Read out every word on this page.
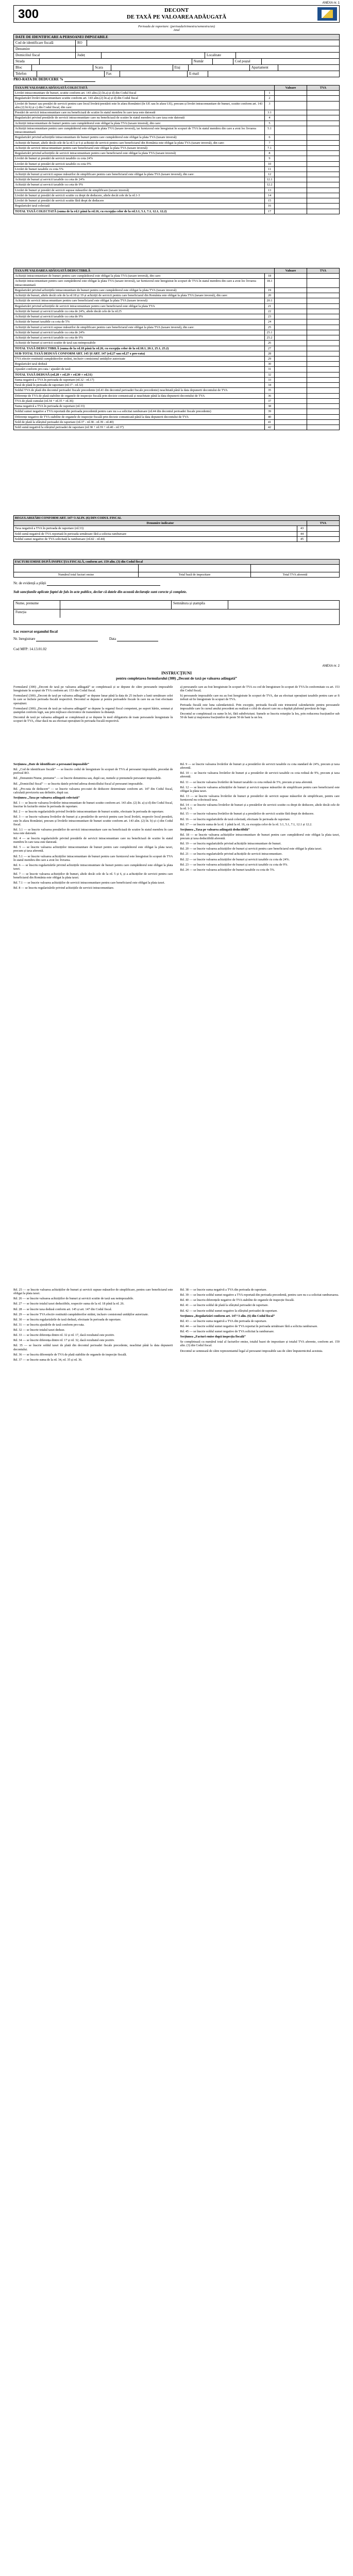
ANEXA nr. 1
300	DECONT
DE TAXĂ PE VALOAREA ADĂUGATĂ
Perioada de raportare: (perioada/trimestru/semestru/an)
Anul
DATE DE IDENTIFICARE A PERSOANEI IMPOZABILE
Cod de identificare fiscală	RO
Denumire
Domiciliul fiscal	Județ	Localitate
Strada	Număr	Cod poștal
Bloc	Scara	Etaj	Apartament
Telefon	Fax	E-mail
PRO-RATA DE DEDUCERE %
TAXA PE VALOAREA ADĂUGATĂ COLECTATĂ		Valoare	TVA
Livrări intracomunitare de bunuri, scutite conform art. 143 alin.(2) lit.a) și d) din Codul fiscal	1		
Regularizări livrări intracomunitare scutite conform art. 143 alin.(2) lit.a) și d) din Codul fiscal	2		
Livrări de bunuri sau prestări de servicii pentru care locul livrării/prestării este în afara României (în UE sau în afara UE), precum și livrări intracomunitare de bunuri, scutite conform art. 143 alin.(2) lit.b) și c) din Codul fiscal, din care:	3		
Prestări de servicii intracomunitare care nu beneficiază de scutire în statul membru în care taxa este datorată	3.1		
Regularizări privind prestările de servicii intracomunitare care nu beneficiază de scutire în statul membru în care taxa este datorată	4		
Achiziții intracomunitare de bunuri pentru care cumpărătorul este obligat la plata TVA (taxare inversă), din care:	5		
Achiziții intracomunitare pentru care cumpărătorul este obligat la plata TVA (taxare inversă), iar furnizorul este înregistrat în scopuri de TVA în statul membru din care a avut loc livrarea intracomunitară	5.1		
Regularizări privind achizițiile intracomunitare de bunuri pentru care cumpărătorul este obligat la plata TVA (taxare inversă)	6		
Achiziții de bunuri, altele decât cele de la rd.5 și 6 și achiziții de servicii pentru care beneficiarul din România este obligat la plata TVA (taxare inversă), din care:	7		
Achiziții de servicii intracomunitare pentru care beneficiarul este obligat la plata TVA (taxare inversă)	7.1		
Regularizări privind achizițiile de servicii intracomunitare pentru care beneficiarul este obligat la plata TVA (taxare inversă)	8		
Livrări de bunuri și prestări de servicii taxabile cu cota 24%	9		
Livrări de bunuri și prestări de servicii taxabile cu cota 9%	10		
Livrări de bunuri taxabile cu cota 5%	11		
Achiziții de bunuri și servicii supuse măsurilor de simplificare pentru care beneficiarul este obligat la plata TVA (taxare inversă), din care:	12		
Achiziții de bunuri și servicii taxabile cu cota de 24%	12.1		
Achiziții de bunuri și servicii taxabile cu cota de 9%	12.2		
Livrări de bunuri și prestări de servicii supuse măsurilor de simplificare (taxare inversă)	13		
Livrări de bunuri și prestări de servicii scutite cu drept de deducere, altele decât cele de la rd.1-3	14		
Livrări de bunuri și prestări de servicii scutite fără drept de deducere	15		
Regularizări taxă colectată	16		
TOTAL TAXĂ COLECTATĂ (suma de la rd.1 până la rd.16, cu excepția celor de la rd.3.1, 5.1, 7.1, 12.1, 12.2)	17		
TAXA PE VALOAREA ADĂUGATĂ DEDUCTIBILĂ		Valoare	TVA
Achiziții intracomunitare de bunuri pentru care cumpărătorul este obligat la plata TVA (taxare inversă), din care:	18		
Achiziții intracomunitare pentru care cumpărătorul este obligat la plata TVA (taxare inversă), iar furnizorul este înregistrat în scopuri de TVA în statul membru din care a avut loc livrarea intracomunitară	18.1		
Regularizări privind achizițiile intracomunitare de bunuri pentru care cumpărătorul este obligat la plata TVA (taxare inversă)	19		
Achiziții de bunuri, altele decât cele de la rd.18 și 19 și achiziții de servicii pentru care beneficiarul din România este obligat la plata TVA (taxare inversă), din care:	20		
Achiziții de servicii intracomunitare pentru care beneficiarul este obligat la plata TVA (taxare inversă)	20.1		
Regularizări privind achizițiile de servicii intracomunitare pentru care beneficiarul este obligat la plata TVA	21		
Achiziții de bunuri și servicii taxabile cu cota de 24%, altele decât cele de la rd.25	22		
Achiziții de bunuri și servicii taxabile cu cota de 9%	23		
Achiziții de bunuri taxabile cu cota de 5%	24		
Achiziții de bunuri și servicii supuse măsurilor de simplificare pentru care beneficiarul este obligat la plata TVA (taxare inversă), din care:	25		
Achiziții de bunuri și servicii taxabile cu cota de 24%	25.1		
Achiziții de bunuri și servicii taxabile cu cota de 9%	25.2		
Achiziții de bunuri și servicii scutite de taxă sau neimpozabile	26		
TOTAL TAXĂ DEDUCTIBILĂ (suma de la rd.18 până la rd.26, cu excepția celor de la rd.18.1, 20.1, 25.1, 25.2)	27		
SUB-TOTAL TAXĂ DEDUSĂ CONFORM ART. 145 ȘI ART. 147 (rd.27 sau rd.27 x pro-rata)	28		
TVA efectiv restituită cumpărătorilor străini, inclusiv comisionul unităților autorizate	29		
Regularizări taxă dedusă	30		
Ajustări conform pro-rata / ajustări de taxă	31		
TOTAL TAXĂ DEDUSĂ (rd.28 + rd.29 + rd.30 + rd.31)	32		
Suma negativă a TVA în perioada de raportare (rd.32 - rd.17)	33		
Taxă de plată în perioada de raportare (rd.17 - rd.32)	34		
Soldul TVA de plată din decontul perioadei fiscale precedente (rd.41 din decontul perioadei fiscale precedente) neachitată până la data depunerii decontului de TVA	35		
Diferențe de TVA de plată stabilite de organele de inspecție fiscală prin decizie comunicată și neachitate până la data depunerii decontului de TVA	36		
TVA de plată cumulat (rd.34 + rd.35 + rd.36)	37		
Suma negativă a TVA în perioada de raportare (rd.33)	38		
Soldul sumei negative a TVA reportată din perioada precedentă pentru care nu s-a solicitat rambursare (rd.44 din decontul perioadei fiscale precedente)	39		
Diferențe negative de TVA stabilite de organele de inspecție fiscală prin decizie comunicată până la data depunerii decontului de TVA	40		
Sold de plată la sfârșitul perioadei de raportare (rd.37 - rd.38 - rd.39 - rd.40)	41		
Sold sumă negativă la sfârșitul perioadei de raportare (rd.38 + rd.39 + rd.40 - rd.37)	42		
REGULARIZĂRI CONFORM ART. 147^3 ALIN. (6) DIN CODUL FISCAL		
Denumire indicator		TVA
Taxa negativă a TVA în perioada de raportare (rd.33)	43	
Sold sumă negativă de TVA reportată în perioada următoare fără a solicita rambursare	44	
Soldul sumei negative de TVA solicitată la rambursare (rd.42 - rd.44)	45	
FACTURI EMISE DUPĂ INSPECȚIA FISCALĂ, conform art. 159 alin. (3) din Codul fiscal		

Numărul total facturi emise	Total bază de impozitare	Total TVA aferentă
Nr. de evidență a plății
Sub sancțiunile aplicate faptei de fals în acte publice, declar că datele din această declarație sunt corecte și complete.
Nume, prenume	Semnătura și ștampila
Funcția
Loc rezervat organului fiscal
Nr. înregistrare	Data
Cod MFP: 14.13.01.02
ANEXA nr. 2
INSTRUCȚIUNI
pentru completarea formularului (300) „Decont de taxă pe valoarea adăugată”

Formularul (300) „Decont de taxă pe valoarea adăugată” se completează și se depune de către persoanele impozabile înregistrate în scopuri de TVA conform art. 153 din Codul fiscal.

Formularul (300) „Decont de taxă pe valoarea adăugată” se depune lunar până la data de 25 inclusiv a lunii următoare celei în care se încheie perioada fiscală respectivă. Decontul se depune și pentru perioadele fiscale în care nu au fost efectuate operațiuni.

Formularul (300) „Decont de taxă pe valoarea adăugată” se depune la organul fiscal competent, pe suport hârtie, semnat și ștampilat conform legii, sau prin mijloace electronice de transmitere la distanță.

Decontul de taxă pe valoarea adăugată se completează și se depune în mod obligatoriu de toate persoanele înregistrate în scopuri de TVA, chiar dacă nu au efectuat operațiuni în perioada fiscală respectivă.

a) persoanele care au fost înregistrate în scopuri de TVA cu cod de înregistrare în scopuri de TVA în conformitate cu art. 153 din Codul fiscal;

b) persoanele impozabile care nu au fost înregistrate în scopuri de TVA, dar au efectuat operațiuni taxabile pentru care ar fi trebuit să fie înregistrate în scopuri de TVA.

Perioada fiscală este luna calendaristică. Prin excepție, perioada fiscală este trimestrul calendaristic pentru persoanele impozabile care în cursul anului precedent au realizat o cifră de afaceri care nu a depășit plafonul prevăzut de lege.

Decontul se completează cu sume în lei, fără subdiviziuni. Sumele se înscriu rotunjite la leu, prin reducerea fracțiunilor sub 50 de bani și majorarea fracțiunilor de peste 50 de bani la un leu.

Secțiunea „Date de identificare a persoanei impozabile”

Rd. „Cod de identificare fiscală” — se înscrie codul de înregistrare în scopuri de TVA al persoanei impozabile, precedat de prefixul RO.

Rd. „Denumire/Nume, prenume” — se înscrie denumirea sau, după caz, numele și prenumele persoanei impozabile.

Rd. „Domiciliul fiscal” — se înscriu datele privind adresa domiciliului fiscal al persoanei impozabile.

Rd. „Pro-rata de deducere” — se înscrie valoarea pro-ratei de deducere determinate conform art. 147 din Codul fiscal, calculată provizoriu sau definitiv, după caz.

Secțiunea „Taxa pe valoarea adăugată colectată”

Rd. 1 — se înscrie valoarea livrărilor intracomunitare de bunuri scutite conform art. 143 alin. (2) lit. a) și d) din Codul fiscal, înscrise în facturile emise în perioada de raportare.

Rd. 2 — se înscriu regularizările privind livrările intracomunitare de bunuri scutite, efectuate în perioada de raportare.

Rd. 3 — se înscrie valoarea livrărilor de bunuri și a prestărilor de servicii pentru care locul livrării, respectiv locul prestării, este în afara României, precum și livrările intracomunitare de bunuri scutite conform art. 143 alin. (2) lit. b) și c) din Codul fiscal.

Rd. 3.1 — se înscrie valoarea prestărilor de servicii intracomunitare care nu beneficiază de scutire în statul membru în care taxa este datorată.

Rd. 4 — se înscriu regularizările privind prestările de servicii intracomunitare care nu beneficiază de scutire în statul membru în care taxa este datorată.

Rd. 5 — se înscrie valoarea achizițiilor intracomunitare de bunuri pentru care cumpărătorul este obligat la plata taxei, precum și taxa aferentă.

Rd. 5.1 — se înscrie valoarea achizițiilor intracomunitare de bunuri pentru care furnizorul este înregistrat în scopuri de TVA în statul membru din care a avut loc livrarea.

Rd. 6 — se înscriu regularizările privind achizițiile intracomunitare de bunuri pentru care cumpărătorul este obligat la plata taxei.

Rd. 7 — se înscrie valoarea achizițiilor de bunuri, altele decât cele de la rd. 5 și 6, și a achizițiilor de servicii pentru care beneficiarul din România este obligat la plata taxei.

Rd. 7.1 — se înscrie valoarea achizițiilor de servicii intracomunitare pentru care beneficiarul este obligat la plata taxei.

Rd. 8 — se înscriu regularizările privind achizițiile de servicii intracomunitare.

Rd. 9 — se înscrie valoarea livrărilor de bunuri și a prestărilor de servicii taxabile cu cota standard de 24%, precum și taxa aferentă.

Rd. 10 — se înscrie valoarea livrărilor de bunuri și a prestărilor de servicii taxabile cu cota redusă de 9%, precum și taxa aferentă.

Rd. 11 — se înscrie valoarea livrărilor de bunuri taxabile cu cota redusă de 5%, precum și taxa aferentă.

Rd. 12 — se înscrie valoarea achizițiilor de bunuri și servicii supuse măsurilor de simplificare pentru care beneficiarul este obligat la plata taxei.

Rd. 13 — se înscrie valoarea livrărilor de bunuri și prestărilor de servicii supuse măsurilor de simplificare, pentru care furnizorul nu colectează taxa.

Rd. 14 — se înscrie valoarea livrărilor de bunuri și a prestărilor de servicii scutite cu drept de deducere, altele decât cele de la rd. 1-3.

Rd. 15 — se înscrie valoarea livrărilor de bunuri și a prestărilor de servicii scutite fără drept de deducere.

Rd. 16 — se înscriu regularizările de taxă colectată, efectuate în perioada de raportare.

Rd. 17 — se înscrie suma de la rd. 1 până la rd. 16, cu excepția celor de la rd. 3.1, 5.1, 7.1, 12.1 și 12.2.

Secțiunea „Taxa pe valoarea adăugată deductibilă”

Rd. 18 — se înscrie valoarea achizițiilor intracomunitare de bunuri pentru care cumpărătorul este obligat la plata taxei, precum și taxa deductibilă aferentă.

Rd. 19 — se înscriu regularizările privind achizițiile intracomunitare de bunuri.

Rd. 20 — se înscrie valoarea achizițiilor de bunuri și servicii pentru care beneficiarul este obligat la plata taxei.

Rd. 21 — se înscriu regularizările privind achizițiile de servicii intracomunitare.

Rd. 22 — se înscrie valoarea achizițiilor de bunuri și servicii taxabile cu cota de 24%.

Rd. 23 — se înscrie valoarea achizițiilor de bunuri și servicii taxabile cu cota de 9%.

Rd. 24 — se înscrie valoarea achizițiilor de bunuri taxabile cu cota de 5%.

Rd. 25 — se înscrie valoarea achizițiilor de bunuri și servicii supuse măsurilor de simplificare, pentru care beneficiarul este obligat la plata taxei.

Rd. 26 — se înscrie valoarea achizițiilor de bunuri și servicii scutite de taxă sau neimpozabile.

Rd. 27 — se înscrie totalul taxei deductibile, respectiv suma de la rd. 18 până la rd. 26.

Rd. 28 — se înscrie taxa dedusă conform art. 145 și art. 147 din Codul fiscal.

Rd. 29 — se înscrie TVA efectiv restituită cumpărătorilor străini, inclusiv comisionul unităților autorizate.

Rd. 30 — se înscriu regularizările de taxă dedusă, efectuate în perioada de raportare.

Rd. 31 — se înscriu ajustările de taxă conform pro-rata.

Rd. 32 — se înscrie totalul taxei deduse.

Rd. 33 — se înscrie diferența dintre rd. 32 și rd. 17, dacă rezultatul este pozitiv.

Rd. 34 — se înscrie diferența dintre rd. 17 și rd. 32, dacă rezultatul este pozitiv.

Rd. 35 — se înscrie soldul taxei de plată din decontul perioadei fiscale precedente, neachitat până la data depunerii decontului.

Rd. 36 — se înscriu diferențele de TVA de plată stabilite de organele de inspecție fiscală.

Rd. 37 — se înscrie suma de la rd. 34, rd. 35 și rd. 36.

Rd. 38 — se înscrie suma negativă a TVA din perioada de raportare.

Rd. 39 — se înscrie soldul sumei negative a TVA reportată din perioada precedentă, pentru care nu s-a solicitat rambursarea.

Rd. 40 — se înscriu diferențele negative de TVA stabilite de organele de inspecție fiscală.

Rd. 41 — se înscrie soldul de plată la sfârșitul perioadei de raportare.

Rd. 42 — se înscrie soldul sumei negative la sfârșitul perioadei de raportare.

Secțiunea „Regularizări conform art. 147^3 alin. (6) din Codul fiscal”

Rd. 43 — se înscrie suma negativă a TVA din perioada de raportare.

Rd. 44 — se înscrie soldul sumei negative de TVA reportat în perioada următoare fără a solicita rambursare.

Rd. 45 — se înscrie soldul sumei negative de TVA solicitat la rambursare.

Secțiunea „Facturi emise după inspecția fiscală”

Se completează cu numărul total al facturilor emise, totalul bazei de impozitare și totalul TVA aferente, conform art. 159 alin. (3) din Codul fiscal.

Decontul se semnează de către reprezentantul legal al persoanei impozabile sau de către împuternicitul acestuia.
